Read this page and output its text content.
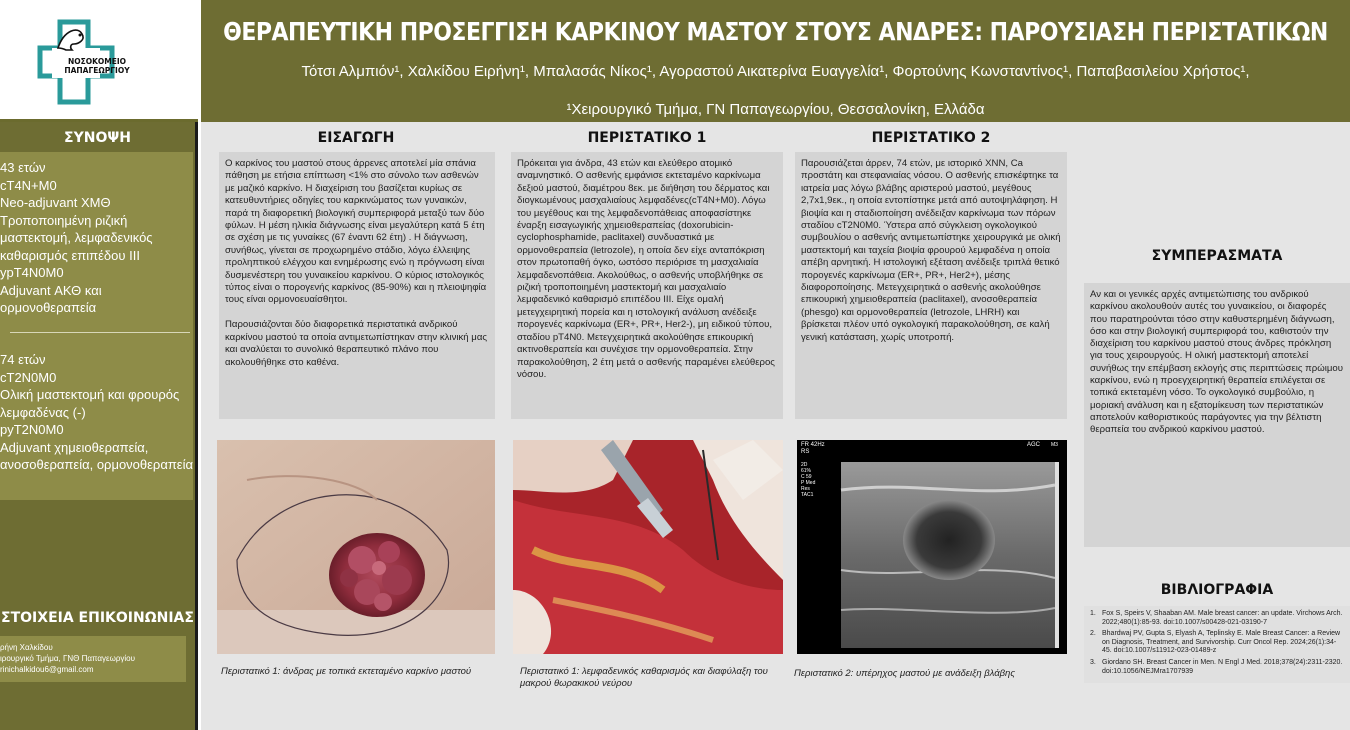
ΝΟΣΟΚΟΜΕΙΟ
ΠΑΠΑΓΕΩΡΓΙΟΥ
ΘΕΡΑΠΕΥΤΙΚΗ ΠΡΟΣΕΓΓΙΣΗ ΚΑΡΚΙΝΟΥ ΜΑΣΤΟΥ ΣΤΟΥΣ ΑΝΔΡΕΣ: ΠΑΡΟΥΣΙΑΣΗ ΠΕΡΙΣΤΑΤΙΚΩΝ
Τότσι Αλμπιόν¹, Χαλκίδου Ειρήνη¹, Μπαλασάς Νίκος¹, Αγοραστού Αικατερίνα Ευαγγελία¹, Φορτούνης Κωνσταντίνος¹, Παπαβασιλείου Χρήστος¹,
¹Χειρουργικό Τμήμα, ΓΝ Παπαγεωργίου, Θεσσαλονίκη, Ελλάδα
ΣΥΝΟΨΗ
43 ετών
cT4N+M0
Neo-adjuvant ΧΜΘ
Τροποποιημένη ριζική μαστεκτομή, λεμφαδενικός καθαρισμός επιπέδου ΙΙΙ
ypT4N0M0
Adjuvant ΑΚΘ και ορμονοθεραπεία
74 ετών
cT2N0M0
Ολική μαστεκτομή και φρουρός λεμφαδένας (-)
pyT2N0M0
Adjuvant χημειοθεραπεία, ανοσοθεραπεία, ορμονοθεραπεία
ΣΤΟΙΧΕΙΑ ΕΠΙΚΟΙΝΩΝΙΑΣ
ρήνη Χαλκίδου
ιρουργικό Τμήμα, ΓΝΘ Παπαγεωργίου
rinichalkidou6@gmail.com
ΕΙΣΑΓΩΓΗ
Ο καρκίνος του μαστού στους άρρενες αποτελεί μία σπάνια πάθηση με ετήσια επίπτωση <1% στο σύνολο των ασθενών με μαζικό καρκίνο. Η διαχείριση του βασίζεται κυρίως σε κατευθυντήριες οδηγίες του καρκινώματος των γυναικών, παρά τη διαφορετική βιολογική συμπεριφορά μεταξύ των δύο φύλων. Η μέση ηλικία διάγνωσης είναι μεγαλύτερη κατά 5 έτη σε σχέση με τις γυναίκες (67 έναντι 62 έτη) . Η διάγνωση, συνήθως, γίνεται σε προχωρημένο στάδιο, λόγω έλλειψης προληπτικού ελέγχου και ενημέρωσης ενώ η πρόγνωση είναι δυσμενέστερη του γυναικείου καρκίνου. Ο κύριος ιστολογικός τύπος είναι ο πορογενής καρκίνος (85-90%) και η πλειοψηφία τους είναι ορμονοευαίσθητοι.

Παρουσιάζονται δύο διαφορετικά περιστατικά ανδρικού καρκίνου μαστού τα οποία αντιμετωπίστηκαν στην κλινική μας και αναλύεται το συνολικό θεραπευτικό πλάνο που ακολουθήθηκε στο καθένα.
ΠΕΡΙΣΤΑΤΙΚΟ 1
Πρόκειται για άνδρα, 43 ετών και ελεύθερο ατομικό αναμνηστικό. Ο ασθενής εμφάνισε εκτεταμένο καρκίνωμα δεξιού μαστού, διαμέτρου 8εκ. με διήθηση του δέρματος και διογκωμένους μασχαλιαίους λεμφαδένες(cT4N+M0). Λόγω του μεγέθους και της λεμφαδενοπάθειας αποφασίστηκε έναρξη εισαγωγικής χημειοθεραπείας (doxorubicin-cyclophosphamide, paclitaxel) συνδυαστικά με ορμονοθεραπεία (letrozole), η οποία δεν είχε ανταπόκριση στον πρωτοπαθή όγκο, ωστόσο περιόρισε τη μασχαλιαία λεμφαδενοπάθεια. Ακολούθως, ο ασθενής υποβλήθηκε σε ριζική τροποποιημένη μαστεκτομή και μασχαλιαίο λεμφαδενικό καθαρισμό επιπέδου ΙΙΙ. Είχε ομαλή μετεγχειρητική πορεία και η ιστολογική ανάλυση ανέδειξε πορογενές καρκίνωμα (ER+, PR+, Her2-), μη ειδικού τύπου, σταδίου pT4N0. Μετεγχειρητικά ακολούθησε επικουρική ακτινοθεραπεία και συνέχισε την ορμονοθεραπεία. Στην παρακολούθηση, 2 έτη μετά ο ασθενής παραμένει ελεύθερος νόσου.
ΠΕΡΙΣΤΑΤΙΚΟ 2
Παρουσιάζεται άρρεν, 74 ετών, με ιστορικό ΧΝΝ, Ca προστάτη και στεφανιαίας νόσου. Ο ασθενής επισκέφτηκε τα ιατρεία μας λόγω βλάβης αριστερού μαστού, μεγέθους 2,7x1,9εκ., η οποία εντοπίστηκε μετά από αυτοψηλάφηση. Η βιοψία και η σταδιοποίηση ανέδειξαν καρκίνωμα των πόρων σταδίου cT2N0M0. Ύστερα από σύγκλειση ογκολογικού συμβουλίου ο ασθενής αντιμετωπίστηκε χειρουργικά με ολική μαστεκτομή και ταχεία βιοψία φρουρού λεμφαδένα η οποία απέβη αρνητική. Η ιστολογική εξέταση ανέδειξε τριπλά θετικό πορογενές καρκίνωμα (ER+, PR+, Her2+), μέσης διαφοροποίησης. Μετεγχειρητικά ο ασθενής ακολούθησε επικουρική χημειοθεραπεία (paclitaxel), ανοσοθεραπεία (phesgo) και ορμονοθεραπεία (letrozole, LHRH) και βρίσκεται πλέον υπό ογκολογική παρακολούθηση, σε καλή γενική κατάσταση, χωρίς υποτροπή.
Περιστατικό 1: άνδρας με τοπικά εκτεταμένο καρκίνο μαστού	Περιστατικό 1: λεμφαδενικός καθαρισμός και διαφύλαξη του μακρού θωρακικού νεύρου
FR 42Hz
RS
2D
61%
C 59
P Med
Res
TAC1
AGC M3
Περιστατικό 2: υπέρηχος μαστού με ανάδειξη βλάβης
ΣΥΜΠΕΡΑΣΜΑΤΑ
Αν και οι γενικές αρχές αντιμετώπισης του ανδρικού καρκίνου ακολουθούν αυτές του γυναικείου, οι διαφορές που παρατηρούνται τόσο στην καθυστερημένη διάγνωση, όσο και στην βιολογική συμπεριφορά του, καθιστούν την διαχείριση του καρκίνου μαστού στους άνδρες πρόκληση για τους χειρουργούς. Η ολική μαστεκτομή αποτελεί συνήθως την επέμβαση εκλογής στις περιπτώσεις πρώιμου καρκίνου, ενώ η προεγχειρητική θεραπεία επιλέγεται σε τοπικά εκτεταμένη νόσο. Το ογκολογικό συμβούλιο, η μοριακή ανάλυση και η εξατομίκευση των περιστατικών αποτελούν καθοριστικούς παράγοντες για την βέλτιστη θεραπεία του ανδρικού καρκίνου μαστού.
ΒΙΒΛΙΟΓΡΑΦΙΑ
1. Fox S, Speirs V, Shaaban AM. Male breast cancer: an update. Virchows Arch. 2022;480(1):85-93. doi:10.1007/s00428-021-03190-7
2. Bhardwaj PV, Gupta S, Elyash A, Teplinsky E. Male Breast Cancer: a Review on Diagnosis, Treatment, and Survivorship. Curr Oncol Rep. 2024;26(1):34-45. doi:10.1007/s11912-023-01489-z
3. Giordano SH. Breast Cancer in Men. N Engl J Med. 2018;378(24):2311-2320. doi:10.1056/NEJMra1707939
